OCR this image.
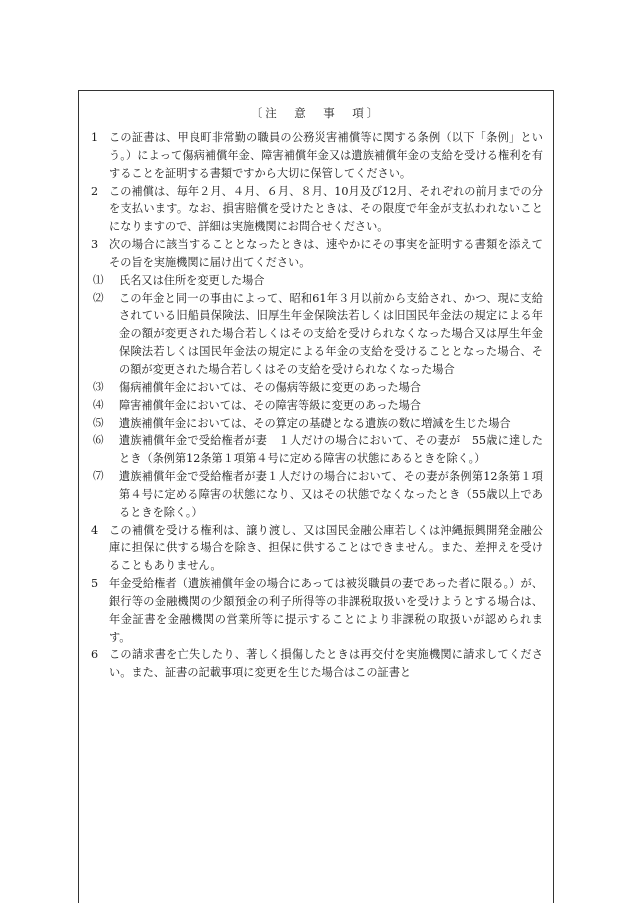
〔注　意　事　項〕
1 この証書は、甲良町非常勤の職員の公務災害補償等に関する条例（以下「条例」という。）によって傷病補償年金、障害補償年金又は遺族補償年金の支給を受ける権利を有することを証明する書類ですから大切に保管してください。
2 この補償は、毎年２月、４月、６月、８月、10月及び12月、それぞれの前月までの分を支払います。なお、損害賠償を受けたときは、その限度で年金が支払われないことになりますので、詳細は実施機関にお問合せください。
3 次の場合に該当することとなったときは、速やかにその事実を証明する書類を添えてその旨を実施機関に届け出てください。
⑴	氏名又は住所を変更した場合
⑵	この年金と同一の事由によって、昭和61年３月以前から支給され、かつ、現に支給されている旧船員保険法、旧厚生年金保険法若しくは旧国民年金法の規定による年金の額が変更された場合若しくはその支給を受けられなくなった場合又は厚生年金保険法若しくは国民年金法の規定による年金の支給を受けることとなった場合、その額が変更された場合若しくはその支給を受けられなくなった場合
⑶	傷病補償年金においては、その傷病等級に変更のあった場合
⑷	障害補償年金においては、その障害等級に変更のあった場合
⑸	遺族補償年金においては、その算定の基礎となる遺族の数に増減を生じた場合
⑹	遺族補償年金で受給権者が妻　１人だけの場合において、その妻が　55歳に達したとき（条例第12条第１項第４号に定める障害の状態にあるときを除く。）
⑺	遺族補償年金で受給権者が妻１人だけの場合において、その妻が条例第12条第１項第４号に定める障害の状態になり、又はその状態でなくなったとき（55歳以上であるときを除く。）
4 この補償を受ける権利は、譲り渡し、又は国民金融公庫若しくは沖縄振興開発金融公庫に担保に供する場合を除き、担保に供することはできません。また、差押えを受けることもありません。
5 年金受給権者（遺族補償年金の場合にあっては被災職員の妻であった者に限る。）が、銀行等の金融機関の少額預金の利子所得等の非課税取扱いを受けようとする場合は、年金証書を金融機関の営業所等に提示することにより非課税の取扱いが認められます。
6 この請求書を亡失したり、著しく損傷したときは再交付を実施機関に請求してください。また、証書の記載事項に変更を生じた場合はこの証書と
